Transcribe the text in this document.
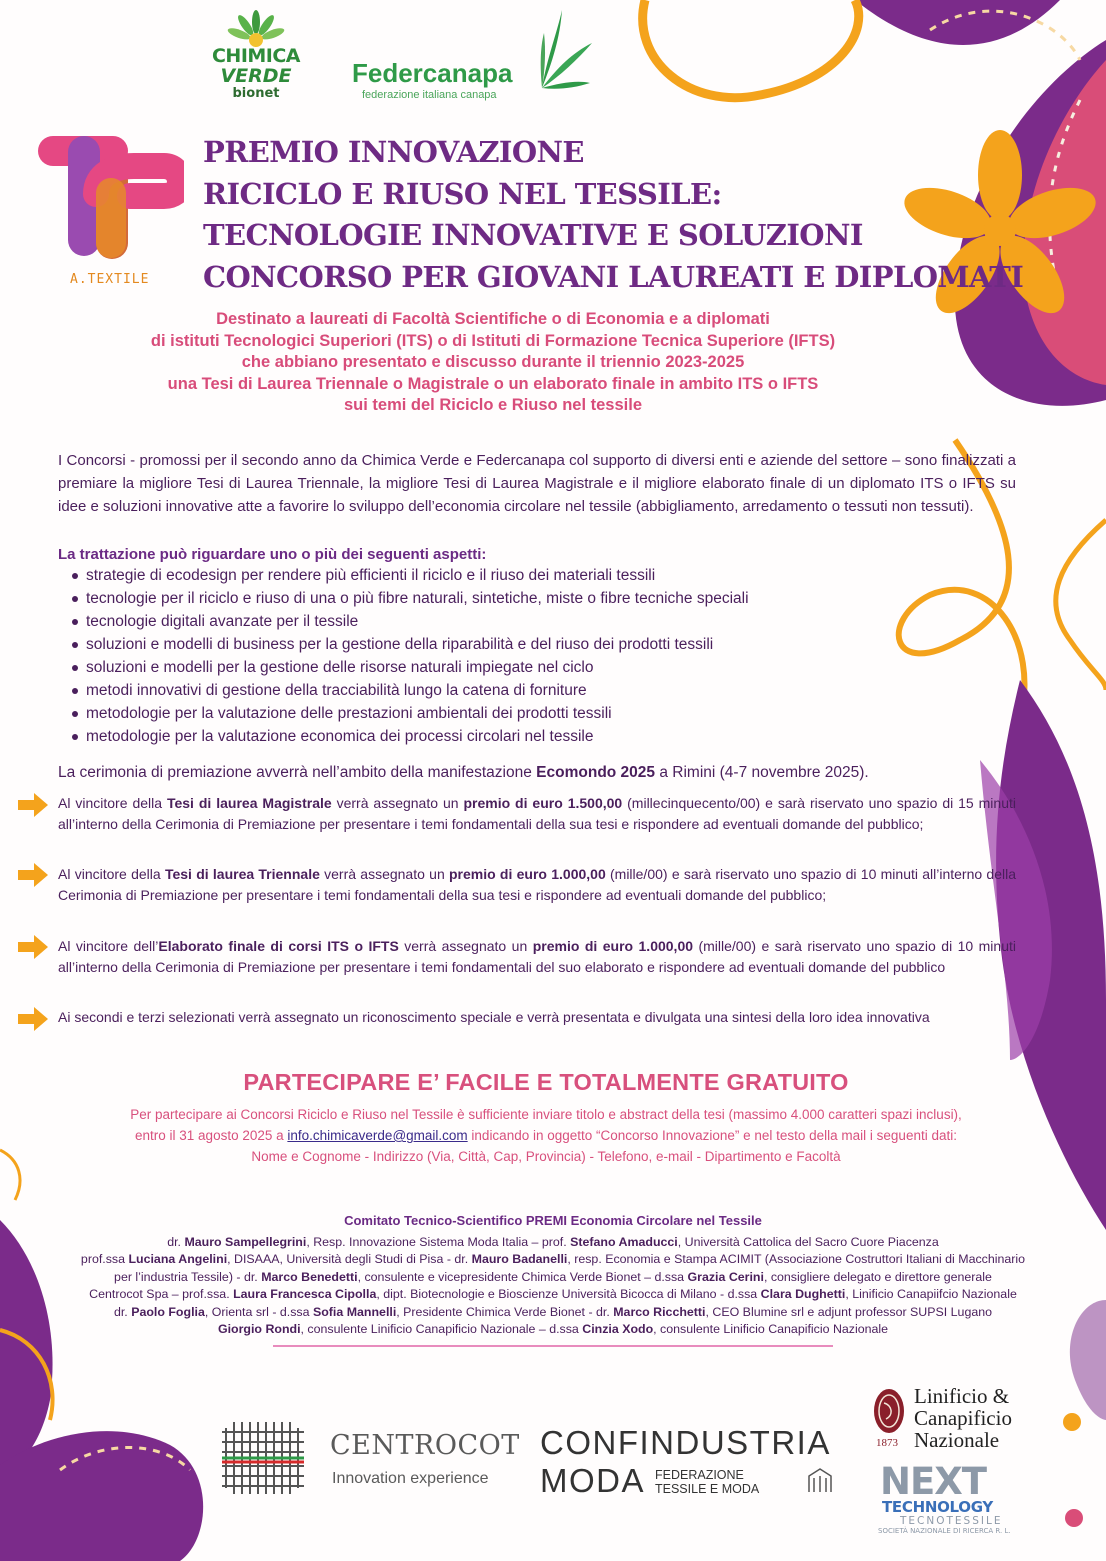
CHIMICA
VERDE
bionet
Federcanapa
federazione italiana canapa
A.TEXTILE
PREMIO INNOVAZIONE
RICICLO E RIUSO NEL TESSILE:
TECNOLOGIE INNOVATIVE E SOLUZIONI
CONCORSO PER GIOVANI LAUREATI E DIPLOMATI
Destinato a laureati di Facoltà Scientifiche o di Economia e a diplomati
di istituti Tecnologici Superiori (ITS) o di Istituti di Formazione Tecnica Superiore (IFTS)
che abbiano presentato e discusso durante il triennio 2023-2025
una Tesi di Laurea Triennale o Magistrale o un elaborato finale in ambito ITS o IFTS
sui temi del Riciclo e Riuso nel tessile
I Concorsi - promossi per il secondo anno da Chimica Verde e Federcanapa col supporto di diversi enti e aziende del settore – sono finalizzati a premiare la migliore Tesi di Laurea Triennale, la migliore Tesi di Laurea Magistrale e il migliore elaborato finale di un diplomato ITS o IFTS su idee e soluzioni innovative atte a favorire lo sviluppo dell’economia circolare nel tessile (abbigliamento, arredamento o tessuti non tessuti).
La trattazione può riguardare uno o più dei seguenti aspetti:
strategie di ecodesign per rendere più efficienti il riciclo e il riuso dei materiali tessili
tecnologie per il riciclo e riuso di una o più fibre naturali, sintetiche, miste o fibre tecniche speciali
tecnologie digitali avanzate per il tessile
soluzioni e modelli di business per la gestione della riparabilità e del riuso dei prodotti tessili
soluzioni e modelli per la gestione delle risorse naturali impiegate nel ciclo
metodi innovativi di gestione della tracciabilità lungo la catena di forniture
metodologie per la valutazione delle prestazioni ambientali dei prodotti tessili
metodologie per la valutazione economica dei processi circolari nel tessile
La cerimonia di premiazione avverrà nell’ambito della manifestazione Ecomondo 2025 a Rimini (4-7 novembre 2025).
Al vincitore della Tesi di laurea Magistrale verrà assegnato un premio di euro 1.500,00 (millecinquecento/00) e sarà riservato uno spazio di 15 minuti all’interno della Cerimonia di Premiazione per presentare i temi fondamentali della sua tesi e rispondere ad eventuali domande del pubblico;
Al vincitore della Tesi di laurea Triennale verrà assegnato un premio di euro 1.000,00 (mille/00) e sarà riservato uno spazio di 10 minuti all’interno della Cerimonia di Premiazione per presentare i temi fondamentali della sua tesi e rispondere ad eventuali domande del pubblico;
Al vincitore dell’Elaborato finale di corsi ITS o IFTS verrà assegnato un premio di euro 1.000,00 (mille/00) e sarà riservato uno spazio di 10 minuti all’interno della Cerimonia di Premiazione per presentare i temi fondamentali del suo elaborato e rispondere ad eventuali domande del pubblico
Ai secondi e terzi selezionati verrà assegnato un riconoscimento speciale e verrà presentata e divulgata una sintesi della loro idea innovativa
PARTECIPARE E’ FACILE E TOTALMENTE GRATUITO
Per partecipare ai Concorsi Riciclo e Riuso nel Tessile è sufficiente inviare titolo e abstract della tesi (massimo 4.000 caratteri spazi inclusi),
entro il 31 agosto 2025 a info.chimicaverde@gmail.com indicando in oggetto “Concorso Innovazione” e nel testo della mail i seguenti dati:
Nome e Cognome - Indirizzo (Via, Città, Cap, Provincia) - Telefono, e-mail - Dipartimento e Facoltà
Comitato Tecnico-Scientifico PREMI Economia Circolare nel Tessile
dr. Mauro Sampellegrini, Resp. Innovazione Sistema Moda Italia – prof. Stefano Amaducci, Università Cattolica del Sacro Cuore Piacenza
prof.ssa Luciana Angelini, DISAAA, Università degli Studi di Pisa - dr. Mauro Badanelli, resp. Economia e Stampa ACIMIT (Associazione Costruttori Italiani di Macchinario
per l’industria Tessile) - dr. Marco Benedetti, consulente e vicepresidente Chimica Verde Bionet – d.ssa Grazia Cerini, consigliere delegato e direttore generale
Centrocot Spa – prof.ssa. Laura Francesca Cipolla, dipt. Biotecnologie e Bioscienze Università Bicocca di Milano - d.ssa Clara Dughetti, Linificio Canapiifcio Nazionale
dr. Paolo Foglia, Orienta srl - d.ssa Sofia Mannelli, Presidente Chimica Verde Bionet - dr. Marco Ricchetti, CEO Blumine srl e adjunt professor SUPSI Lugano
Giorgio Rondi, consulente Linificio Canapificio Nazionale – d.ssa Cinzia Xodo, consulente Linificio Canapificio Nazionale
CENTROCOT
Innovation experience
CONFINDUSTRIA
MODA FEDERAZIONE
TESSILE E MODA
Linificio &
Canapificio
Nazionale
1873
NEXT
TECHNOLOGY
TECNOTESSILE
SOCIETÀ NAZIONALE DI RICERCA R. L.
